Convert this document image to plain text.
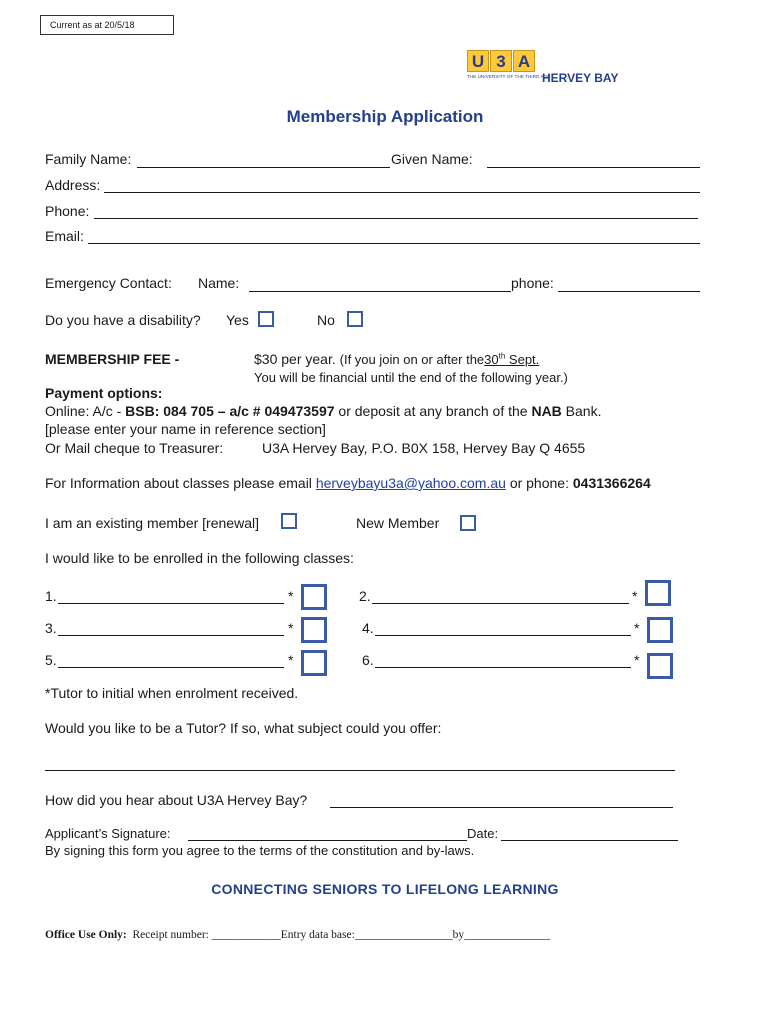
Current as at 20/5/18
U 3 A
THE UNIVERSITY OF THE THIRD AGE
HERVEY BAY
Membership Application
Family Name:	Given Name:
Address:
Phone:
Email:
Emergency Contact: Name:	phone:
Do you have a disability? Yes	No
MEMBERSHIP FEE -	$30 per year. (If you join on or after the30th Sept.
You will be financial until the end of the following year.)
Payment options:
Online: A/c - BSB: 084 705 – a/c # 049473597 or deposit at any branch of the NAB Bank.
[please enter your name in reference section]
Or Mail cheque to Treasurer:	U3A Hervey Bay, P.O. B0X 158, Hervey Bay Q 4655
For Information about classes please email herveybayu3a@yahoo.com.au or phone: 0431366264
I am an existing member [renewal]	New Member
I would like to be enrolled in the following classes:
1.	*	2.	*
3.	*	4.	*
5.	*	6.	*
*Tutor to initial when enrolment received.
Would you like to be a Tutor? If so, what subject could you offer:
How did you hear about U3A Hervey Bay?
Applicant’s Signature:	Date:
By signing this form you agree to the terms of the constitution and by-laws.
CONNECTING SENIORS TO LIFELONG LEARNING
Office Use Only: Receipt number: ____________Entry data base:_________________by_______________
